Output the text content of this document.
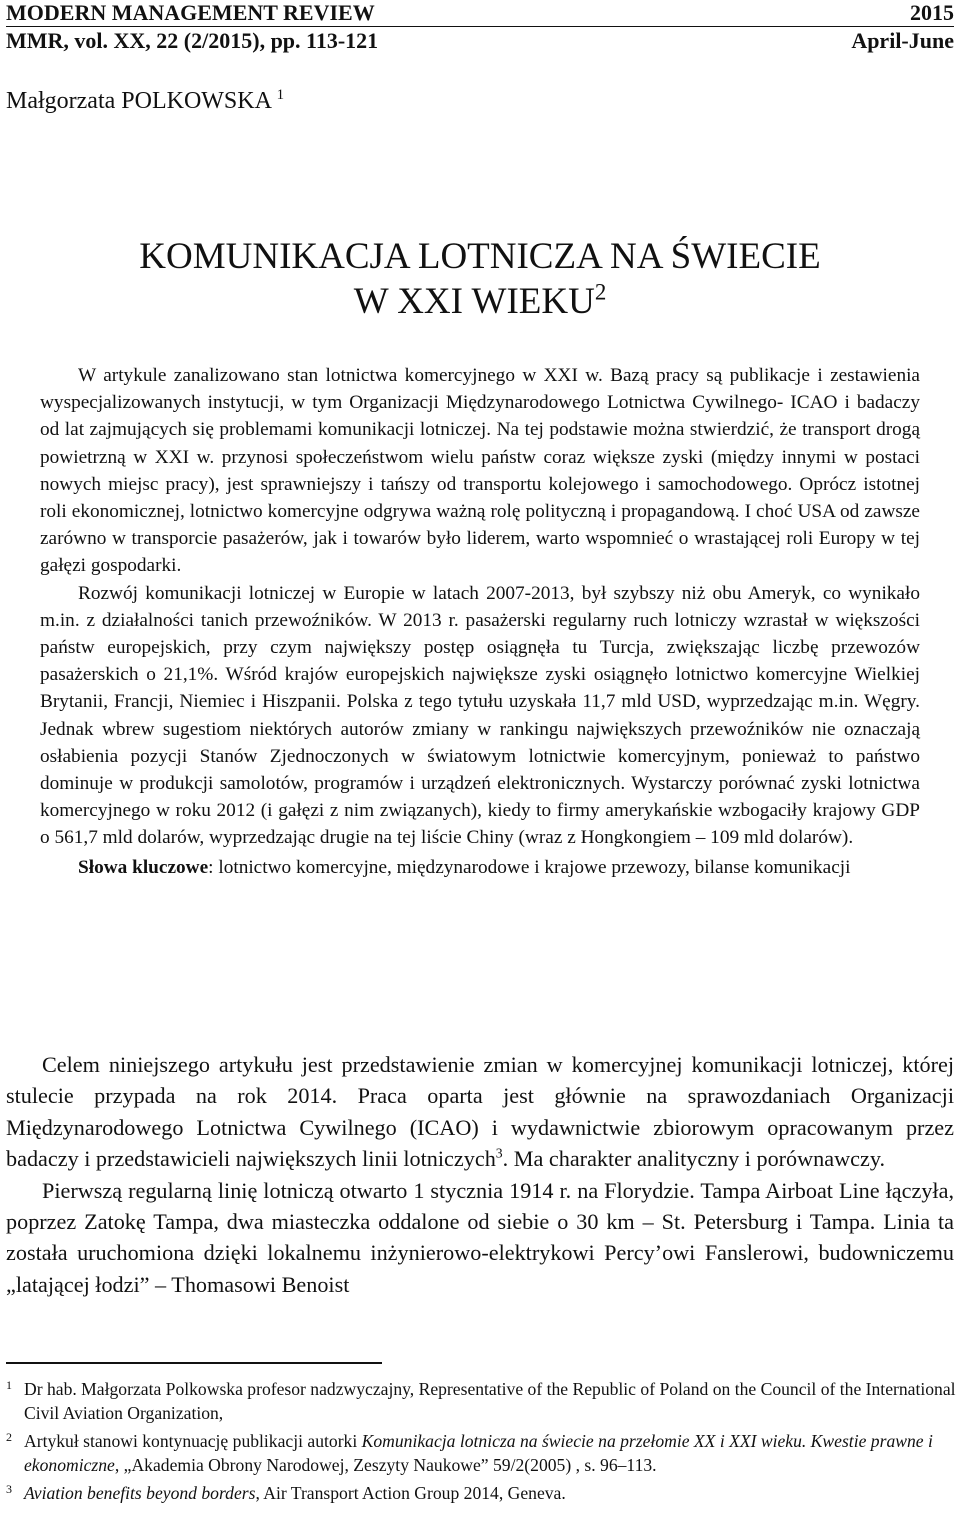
MODERN MANAGEMENT REVIEW	2015
MMR, vol. XX, 22 (2/2015), pp. 113-121	April-June
Małgorzata POLKOWSKA $^1$
KOMUNIKACJA LOTNICZA NA ŚWIECIE
W XXI WIEKU$^2$

W artykule zanalizowano stan lotnictwa komercyjnego w XXI w. Bazą pracy są publikacje i zestawienia wyspecjalizowanych instytucji, w tym Organizacji Międzynarodowego Lotnictwa Cywilnego- ICAO i badaczy od lat zajmujących się problemami komunikacji lotniczej. Na tej podstawie można stwierdzić, że transport drogą powietrzną w XXI w. przynosi społeczeństwom wielu państw coraz większe zyski (między innymi w postaci nowych miejsc pracy), jest sprawniejszy i tańszy od transportu kolejowego i samochodowego. Oprócz istotnej roli ekonomicznej, lotnictwo komercyjne odgrywa ważną rolę polityczną i propagandową. I choć USA od zawsze zarówno w transporcie pasażerów, jak i towarów było liderem, warto wspomnieć o wrastającej roli Europy w tej gałęzi gospodarki.

Rozwój komunikacji lotniczej w Europie w latach 2007-2013, był szybszy niż obu Ameryk, co wynikało m.in. z działalności tanich przewoźników. W 2013 r. pasażerski regularny ruch lotniczy wzrastał w większości państw europejskich, przy czym największy postęp osiągnęła tu Turcja, zwiększając liczbę przewozów pasażerskich o 21,1%. Wśród krajów europejskich największe zyski osiągnęło lotnictwo komercyjne Wielkiej Brytanii, Francji, Niemiec i Hiszpanii. Polska z tego tytułu uzyskała 11,7 mld USD, wyprzedzając m.in. Węgry. Jednak wbrew sugestiom niektórych autorów zmiany w rankingu największych przewoźników nie oznaczają osłabienia pozycji Stanów Zjednoczonych w światowym lotnictwie komercyjnym, ponieważ to państwo dominuje w produkcji samolotów, programów i urządzeń elektronicznych. Wystarczy porównać zyski lotnictwa komercyjnego w roku 2012 (i gałęzi z nim związanych), kiedy to firmy amerykańskie wzbogaciły krajowy GDP o 561,7 mld dolarów, wyprzedzając drugie na tej liście Chiny (wraz z Hongkongiem – 109 mld dolarów).

Słowa kluczowe: lotnictwo komercyjne, międzynarodowe i krajowe przewozy, bilanse komunikacji

Celem niniejszego artykułu jest przedstawienie zmian w komercyjnej komunikacji lotniczej, której stulecie przypada na rok 2014. Praca oparta jest głównie na sprawozdaniach Organizacji Międzynarodowego Lotnictwa Cywilnego (ICAO) i wydawnictwie zbiorowym opracowanym przez badaczy i przedstawicieli największych linii lotniczych$^3$. Ma charakter analityczny i porównawczy.

Pierwszą regularną linię lotniczą otwarto 1 stycznia 1914 r. na Florydzie. Tampa Airboat Line łączyła, poprzez Zatokę Tampa, dwa miasteczka oddalone od siebie o 30 km – St. Petersburg i Tampa. Linia ta została uruchomiona dzięki lokalnemu inżynierowo-elektrykowi Percy’owi Fanslerowi, budowniczemu „latającej łodzi” – Thomasowi Benoist

1 Dr hab. Małgorzata Polkowska profesor nadzwyczajny, Representative of the Republic of Poland on the Council of the International Civil Aviation Organization,
2 Artykuł stanowi kontynuację publikacji autorki Komunikacja lotnicza na świecie na przełomie XX i XXI wieku. Kwestie prawne i ekonomiczne, „Akademia Obrony Narodowej, Zeszyty Naukowe” 59/2(2005) , s. 96–113.
3 Aviation benefits beyond borders, Air Transport Action Group 2014, Geneva.
